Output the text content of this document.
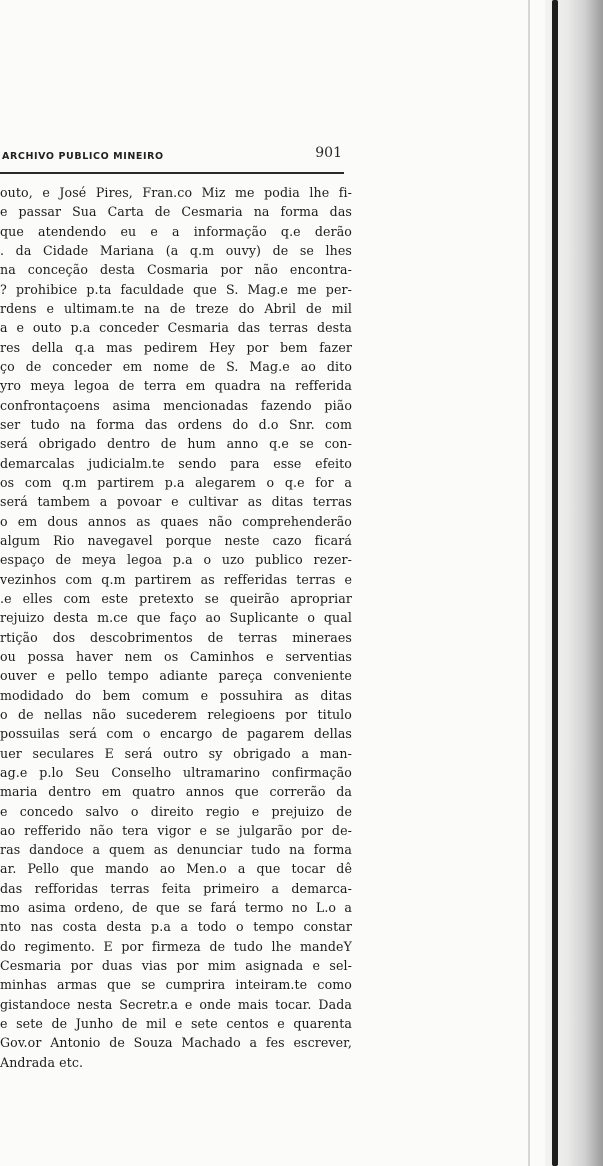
ARCHIVO PUBLICO MINEIRO	901
outo, e José Pires, Fran.co Miz me podia lhe fi-
e passar Sua Carta de Cesmaria na forma das
que atendendo eu e a informação q.e derão
. da Cidade Mariana (a q.m ouvy) de se lhes
na conceção desta Cosmaria por não encontra-
? prohibice p.ta faculdade que S. Mag.e me per-
rdens e ultimam.te na de treze do Abril de mil
a e outo p.a conceder Cesmaria das terras desta
res della q.a mas pedirem Hey por bem fazer
ço de conceder em nome de S. Mag.e ao dito
yro meya legoa de terra em quadra na refferida
confrontaçoens asima mencionadas fazendo pião
ser tudo na forma das ordens do d.o Snr. com
será obrigado dentro de hum anno q.e se con-
demarcalas judicialm.te sendo para esse efeito
os com q.m partirem p.a alegarem o q.e for a
será tambem a povoar e cultivar as ditas terras
o em dous annos as quaes não comprehenderão
algum Rio navegavel porque neste cazo ficará
espaço de meya legoa p.a o uzo publico rezer-
vezinhos com q.m partirem as refferidas terras e
.e elles com este pretexto se queirão apropriar
rejuizo desta m.ce que faço ao Suplicante o qual
rtição dos descobrimentos de terras mineraes
ou possa haver nem os Caminhos e serventias
ouver e pello tempo adiante pareça conveniente
modidado do bem comum e possuhira as ditas
o de nellas não sucederem relegioens por titulo
possuilas será com o encargo de pagarem dellas
uer seculares E será outro sy obrigado a man-
ag.e p.lo Seu Conselho ultramarino confirmação
maria dentro em quatro annos que correrão da
e concedo salvo o direito regio e prejuizo de
ao refferido não tera vigor e se julgarão por de-
ras dandoce a quem as denunciar tudo na forma
ar. Pello que mando ao Men.o a que tocar dê
das refforidas terras feita primeiro a demarca-
mo asima ordeno, de que se fará termo no L.o a
nto nas costa desta p.a a todo o tempo constar
do regimento. E por firmeza de tudo lhe mandeY
Cesmaria por duas vias por mim asignada e sel-
minhas armas que se cumprira inteiram.te como
gistandoce nesta Secretr.a e onde mais tocar. Dada
e sete de Junho de mil e sete centos e quarenta
Gov.or Antonio de Souza Machado a fes escrever,
Andrada etc.
